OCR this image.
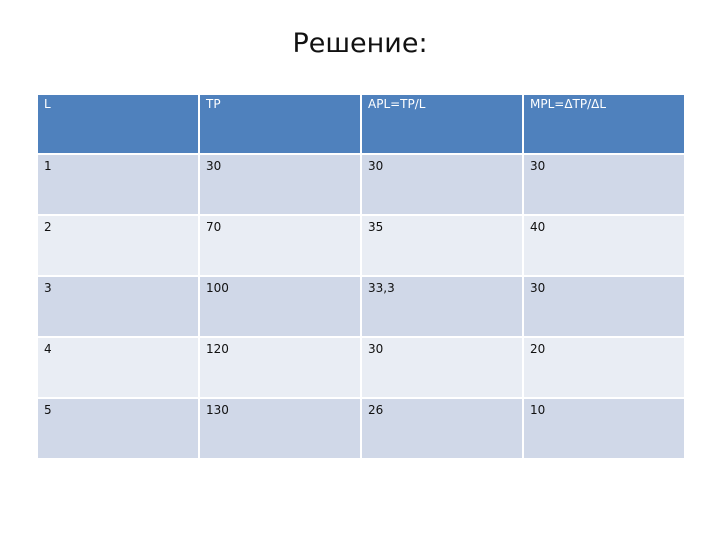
Решение:
L	TP	APL=TP/L	MPL=ΔTP/ΔL
1	30	30	30
2	70	35	40
3	100	33,3	30
4	120	30	20
5	130	26	10
